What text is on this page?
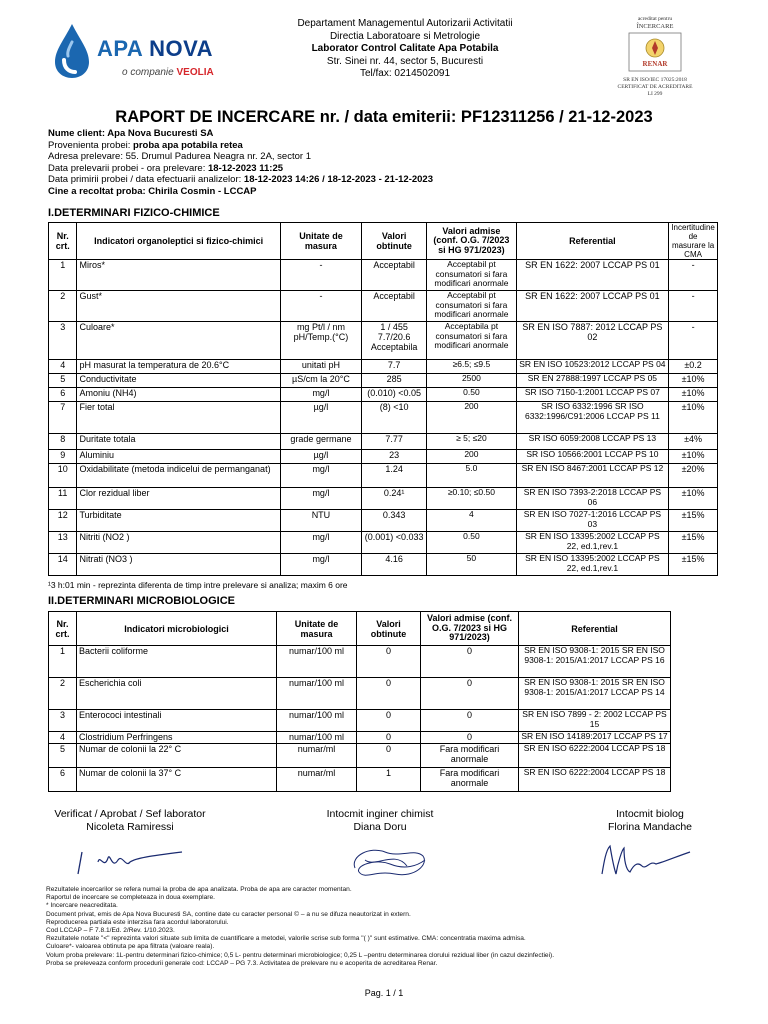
APA NOVA
o companie VEOLIA
Departament Managementul Autorizarii Activitatii
Directia Laboratoare si Metrologie
Laborator Control Calitate Apa Potabila
Str. Sinei nr. 44, sector 5, Bucuresti
Tel/fax: 0214502091
acreditat pentru
ÎNCERCARE
RENAR
SR EN ISO/IEC 17025:2018
CERTIFICAT DE ACREDITARE
LI 299
RAPORT DE INCERCARE nr. / data emiterii: PF12311256 / 21-12-2023
Nume client: Apa Nova Bucuresti SA
Provenienta probei: proba apa potabila retea
Adresa prelevare: 55. Drumul Padurea Neagra nr. 2A, sector 1
Data prelevarii probei - ora prelevare: 18-12-2023 11:25
Data primirii probei / data efectuarii analizelor: 18-12-2023 14:26 / 18-12-2023 - 21-12-2023
Cine a recoltat proba: Chirila Cosmin - LCCAP
I.DETERMINARI FIZICO-CHIMICE
Nr. crt.	Indicatori organoleptici si fizico-chimici	Unitate de masura	Valori obtinute	Valori admise (conf. O.G. 7/2023 si HG 971/2023)	Referential	Incertitudine de masurare la CMA
1	Miros*	-	Acceptabil	Acceptabil pt consumatori si fara modificari anormale	SR EN 1622: 2007 LCCAP PS 01	-
2	Gust*	-	Acceptabil	Acceptabil pt consumatori si fara modificari anormale	SR EN 1622: 2007 LCCAP PS 01	-
3	Culoare*	mg Pt/l / nm pH/Temp.(°C)	1 / 455 7.7/20.6 Acceptabila	Acceptabila pt consumatori si fara modificari anormale	SR EN ISO 7887: 2012 LCCAP PS 02	-
4	pH masurat la temperatura de 20.6°C	unitati pH	7.7	≥6.5; ≤9.5	SR EN ISO 10523:2012 LCCAP PS 04	±0.2
5	Conductivitate	µS/cm la 20°C	285	2500	SR EN 27888:1997 LCCAP PS 05	±10%
6	Amoniu (NH4)	mg/l	(0.010) <0.05	0.50	SR ISO 7150-1:2001 LCCAP PS 07	±10%
7	Fier total	µg/l	(8) <10	200	SR ISO 6332:1996 SR ISO 6332:1996/C91:2006 LCCAP PS 11	±10%
8	Duritate totala	grade germane	7.77	≥ 5; ≤20	SR ISO 6059:2008 LCCAP PS 13	±4%
9	Aluminiu	µg/l	23	200	SR ISO 10566:2001 LCCAP PS 10	±10%
10	Oxidabilitate (metoda indicelui de permanganat)	mg/l	1.24	5.0	SR EN ISO 8467:2001 LCCAP PS 12	±20%
11	Clor rezidual liber	mg/l	0.24¹	≥0.10; ≤0.50	SR EN ISO 7393-2:2018 LCCAP PS 06	±10%
12	Turbiditate	NTU	0.343	4	SR EN ISO 7027-1:2016 LCCAP PS 03	±15%
13	Nitriti (NO2 )	mg/l	(0.001) <0.033	0.50	SR EN ISO 13395:2002 LCCAP PS 22, ed.1,rev.1	±15%
14	Nitrati (NO3 )	mg/l	4.16	50	SR EN ISO 13395:2002 LCCAP PS 22, ed.1,rev.1	±15%
¹3 h:01 min - reprezinta diferenta de timp intre prelevare si analiza; maxim 6 ore
II.DETERMINARI MICROBIOLOGICE
Nr. crt.	Indicatori microbiologici	Unitate de masura	Valori obtinute	Valori admise (conf. O.G. 7/2023 si HG 971/2023)	Referential
1	Bacterii coliforme	numar/100 ml	0	0	SR EN ISO 9308-1: 2015 SR EN ISO 9308-1: 2015/A1:2017 LCCAP PS 16
2	Escherichia coli	numar/100 ml	0	0	SR EN ISO 9308-1: 2015 SR EN ISO 9308-1: 2015/A1:2017 LCCAP PS 14
3	Enterococi intestinali	numar/100 ml	0	0	SR EN ISO 7899 - 2: 2002 LCCAP PS 15
4	Clostridium Perfringens	numar/100 ml	0	0	SR EN ISO 14189:2017 LCCAP PS 17
5	Numar de colonii la 22° C	numar/ml	0	Fara modificari anormale	SR EN ISO 6222:2004 LCCAP PS 18
6	Numar de colonii la 37° C	numar/ml	1	Fara modificari anormale	SR EN ISO 6222:2004 LCCAP PS 18
Verificat / Aprobat / Sef laborator
Nicoleta Ramiressi
Intocmit inginer chimist
Diana Doru
Intocmit biolog
Florina Mandache
Rezultatele incercarilor se refera numai la proba de apa analizata. Proba de apa are caracter momentan.
Raportul de incercare se completeaza in doua exemplare.
* Incercare neacreditata.
Document privat, emis de Apa Nova Bucuresti SA, contine date cu caracter personal © – a nu se difuza neautorizat in extern.
Reproducerea partiala este interzisa fara acordul laboratorului.
Cod LCCAP – F 7.8.1/Ed. 2/Rev. 1/10.2023.
Rezultatele notate "<" reprezinta valori situate sub limita de cuantificare a metodei, valorile scrise sub forma "( )" sunt estimative. CMA: concentratia maxima admisa.
Culoare*- valoarea obtinuta pe apa filtrata (valoare reala).
Volum proba prelevare: 1L-pentru determinari fizico-chimice; 0,5 L- pentru determinari microbiologice; 0,25 L –pentru determinarea clorului rezidual liber (in cazul dezinfectiei).
Proba se preleveaza conform procedurii generale cod: LCCAP – PG 7.3. Activitatea de prelevare nu e acoperita de acreditarea Renar.
Pag. 1 / 1
